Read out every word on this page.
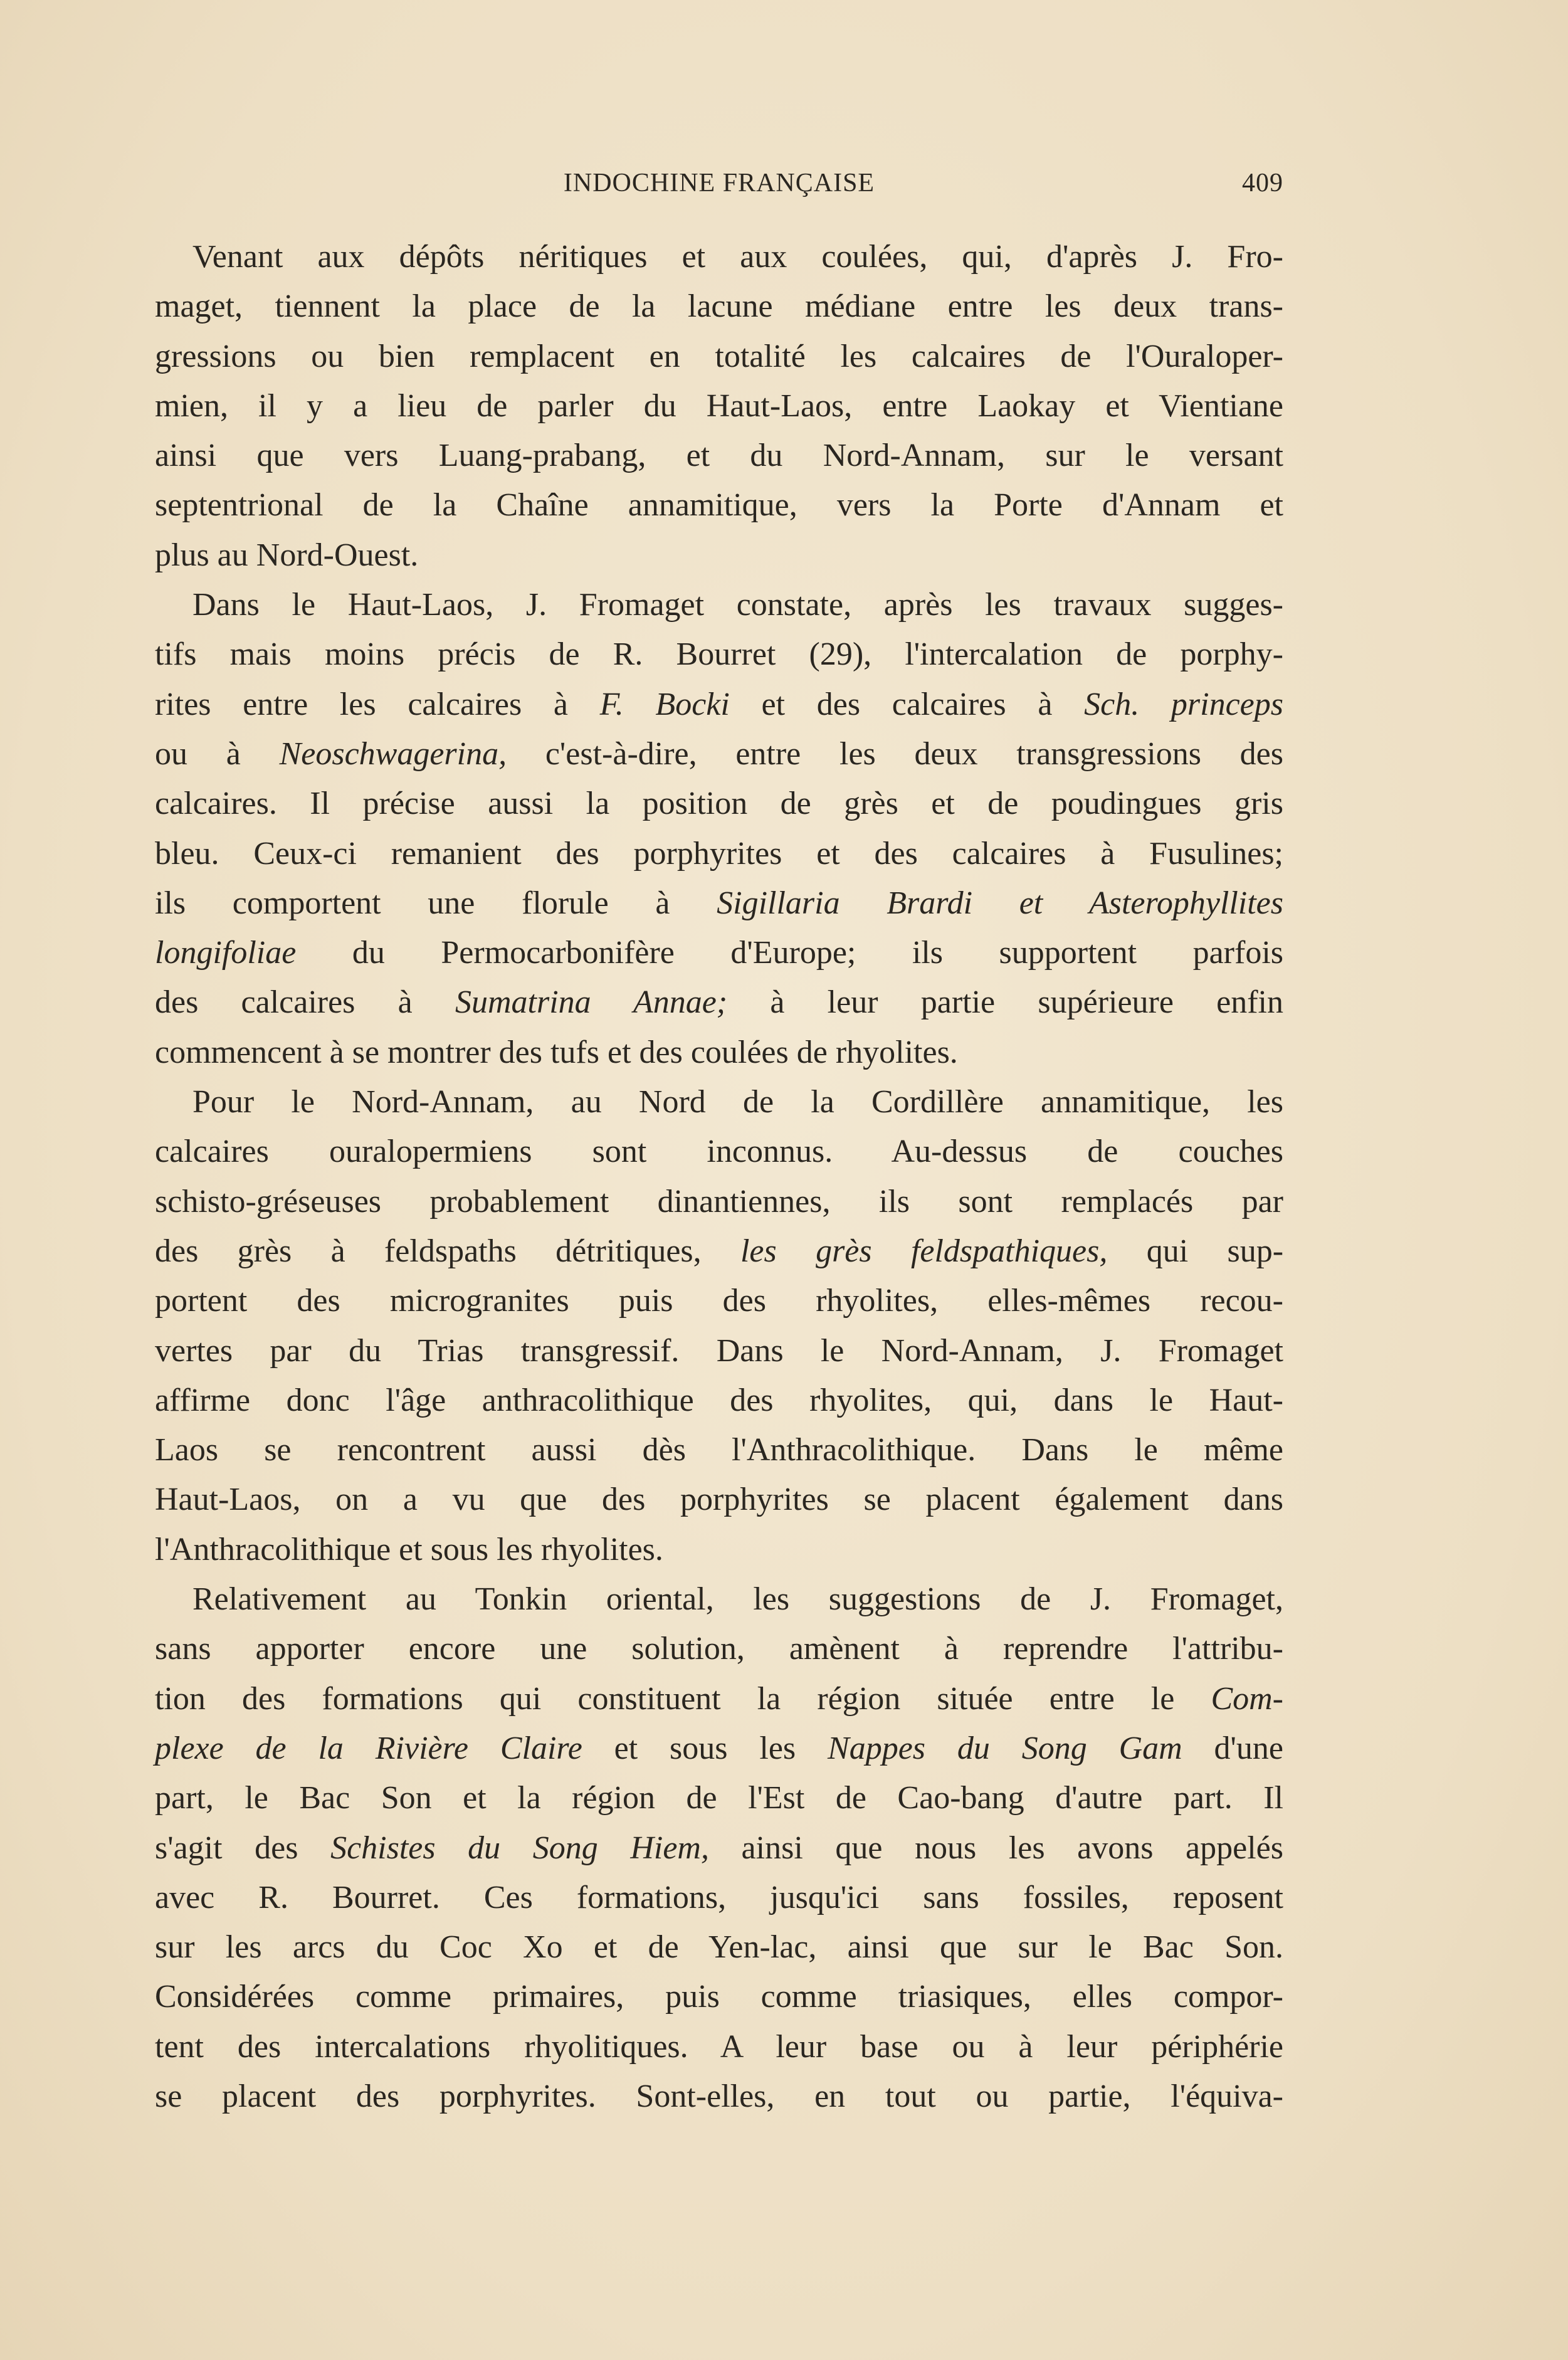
INDOCHINE FRANÇAISE	409
Venant aux dépôts néritiques et aux coulées, qui, d'après J. Fro-
maget, tiennent la place de la lacune médiane entre les deux trans-
gressions ou bien remplacent en totalité les calcaires de l'Ouraloper-
mien, il y a lieu de parler du Haut-Laos, entre Laokay et Vientiane
ainsi que vers Luang-prabang, et du Nord-Annam, sur le versant
septentrional de la Chaîne annamitique, vers la Porte d'Annam et
plus au Nord-Ouest.
Dans le Haut-Laos, J. Fromaget constate, après les travaux sugges-
tifs mais moins précis de R. Bourret (29), l'intercalation de porphy-
rites entre les calcaires à F. Bocki et des calcaires à Sch. princeps
ou à Neoschwagerina, c'est-à-dire, entre les deux transgressions des
calcaires. Il précise aussi la position de grès et de poudingues gris
bleu. Ceux-ci remanient des porphyrites et des calcaires à Fusulines;
ils comportent une florule à Sigillaria Brardi et Asterophyllites
longifoliae du Permocarbonifère d'Europe; ils supportent parfois
des calcaires à Sumatrina Annae; à leur partie supérieure enfin
commencent à se montrer des tufs et des coulées de rhyolites.
Pour le Nord-Annam, au Nord de la Cordillère annamitique, les
calcaires ouralopermiens sont inconnus. Au-dessus de couches
schisto-gréseuses probablement dinantiennes, ils sont remplacés par
des grès à feldspaths détritiques, les grès feldspathiques, qui sup-
portent des microgranites puis des rhyolites, elles-mêmes recou-
vertes par du Trias transgressif. Dans le Nord-Annam, J. Fromaget
affirme donc l'âge anthracolithique des rhyolites, qui, dans le Haut-
Laos se rencontrent aussi dès l'Anthracolithique. Dans le même
Haut-Laos, on a vu que des porphyrites se placent également dans
l'Anthracolithique et sous les rhyolites.
Relativement au Tonkin oriental, les suggestions de J. Fromaget,
sans apporter encore une solution, amènent à reprendre l'attribu-
tion des formations qui constituent la région située entre le Com-
plexe de la Rivière Claire et sous les Nappes du Song Gam d'une
part, le Bac Son et la région de l'Est de Cao-bang d'autre part. Il
s'agit des Schistes du Song Hiem, ainsi que nous les avons appelés
avec R. Bourret. Ces formations, jusqu'ici sans fossiles, reposent
sur les arcs du Coc Xo et de Yen-lac, ainsi que sur le Bac Son.
Considérées comme primaires, puis comme triasiques, elles compor-
tent des intercalations rhyolitiques. A leur base ou à leur périphérie
se placent des porphyrites. Sont-elles, en tout ou partie, l'équiva-
